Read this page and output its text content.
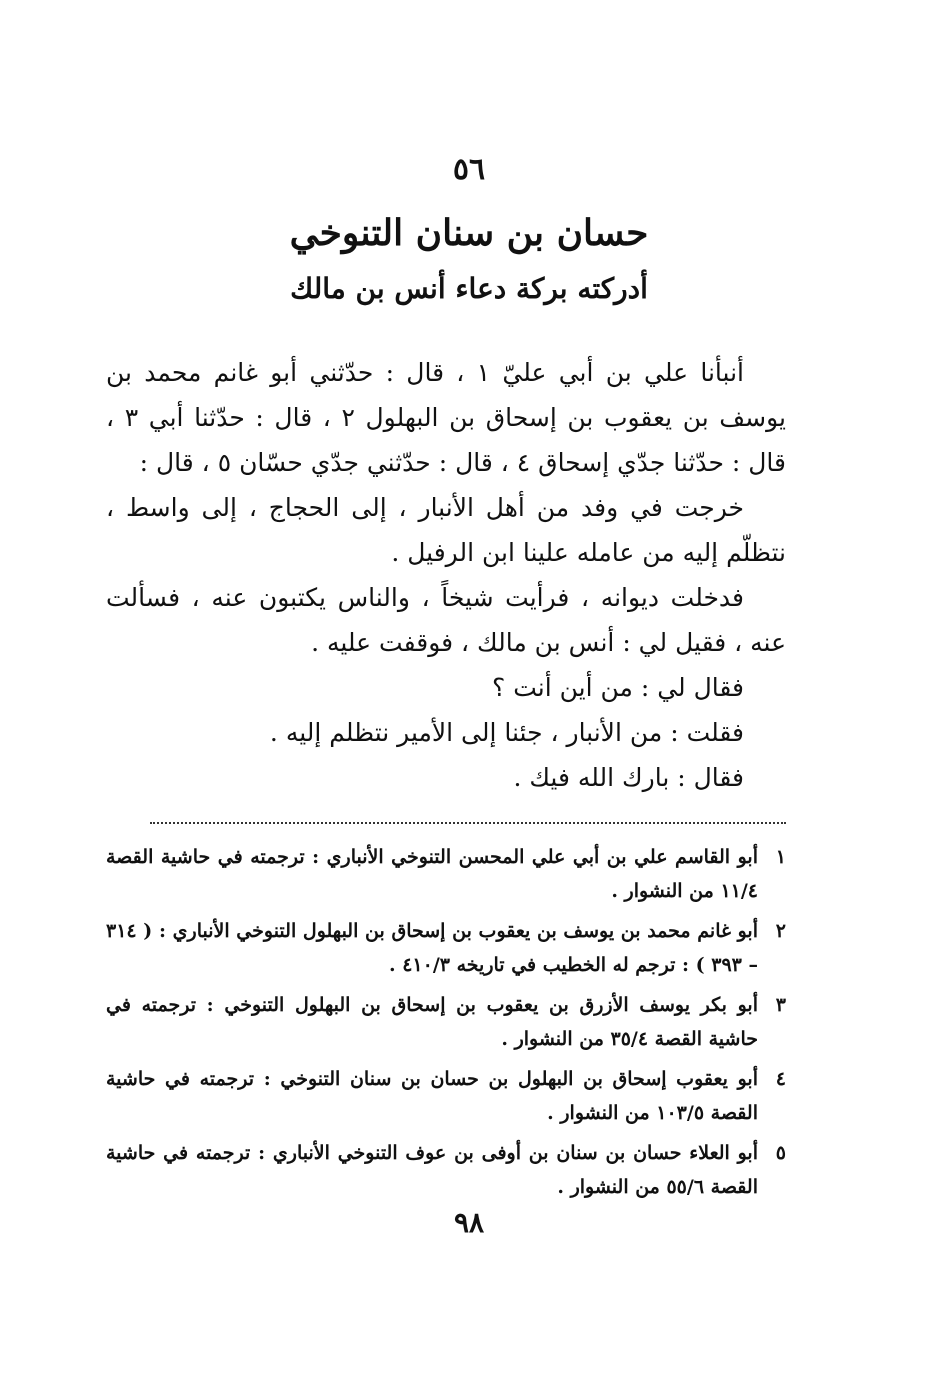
٥٦
حسان بن سنان التنوخي
أدركته بركة دعاء أنس بن مالك

أنبأنا علي بن أبي عليّ ١ ، قال : حدّثني أبو غانم محمد بن يوسف بن يعقوب بن إسحاق بن البهلول ٢ ، قال : حدّثنا أبي ٣ ، قال : حدّثنا جدّي إسحاق ٤ ، قال : حدّثني جدّي حسّان ٥ ، قال :

خرجت في وفد من أهل الأنبار ، إلى الحجاج ، إلى واسط ، نتظلّم إليه من عامله علينا ابن الرفيل .

فدخلت ديوانه ، فرأيت شيخاً ، والناس يكتبون عنه ، فسألت عنه ، فقيل لي : أنس بن مالك ، فوقفت عليه .

فقال لي : من أين أنت ؟

فقلت : من الأنبار ، جئنا إلى الأمير نتظلم إليه .

فقال : بارك الله فيك .

١
أبو القاسم علي بن أبي علي المحسن التنوخي الأنباري : ترجمته في حاشية القصة ١١/٤ من النشوار .
٢
أبو غانم محمد بن يوسف بن يعقوب بن إسحاق بن البهلول التنوخي الأنباري : ( ٣١٤ – ٣٩٣ ) : ترجم له الخطيب في تاريخه ٤١٠/٣ .
٣
أبو بكر يوسف الأزرق بن يعقوب بن إسحاق بن البهلول التنوخي : ترجمته في حاشية القصة ٣٥/٤ من النشوار .
٤
أبو يعقوب إسحاق بن البهلول بن حسان بن سنان التنوخي : ترجمته في حاشية القصة ١٠٣/٥ من النشوار .
٥
أبو العلاء حسان بن سنان بن أوفى بن عوف التنوخي الأنباري : ترجمته في حاشية القصة ٥٥/٦ من النشوار .
٩٨
